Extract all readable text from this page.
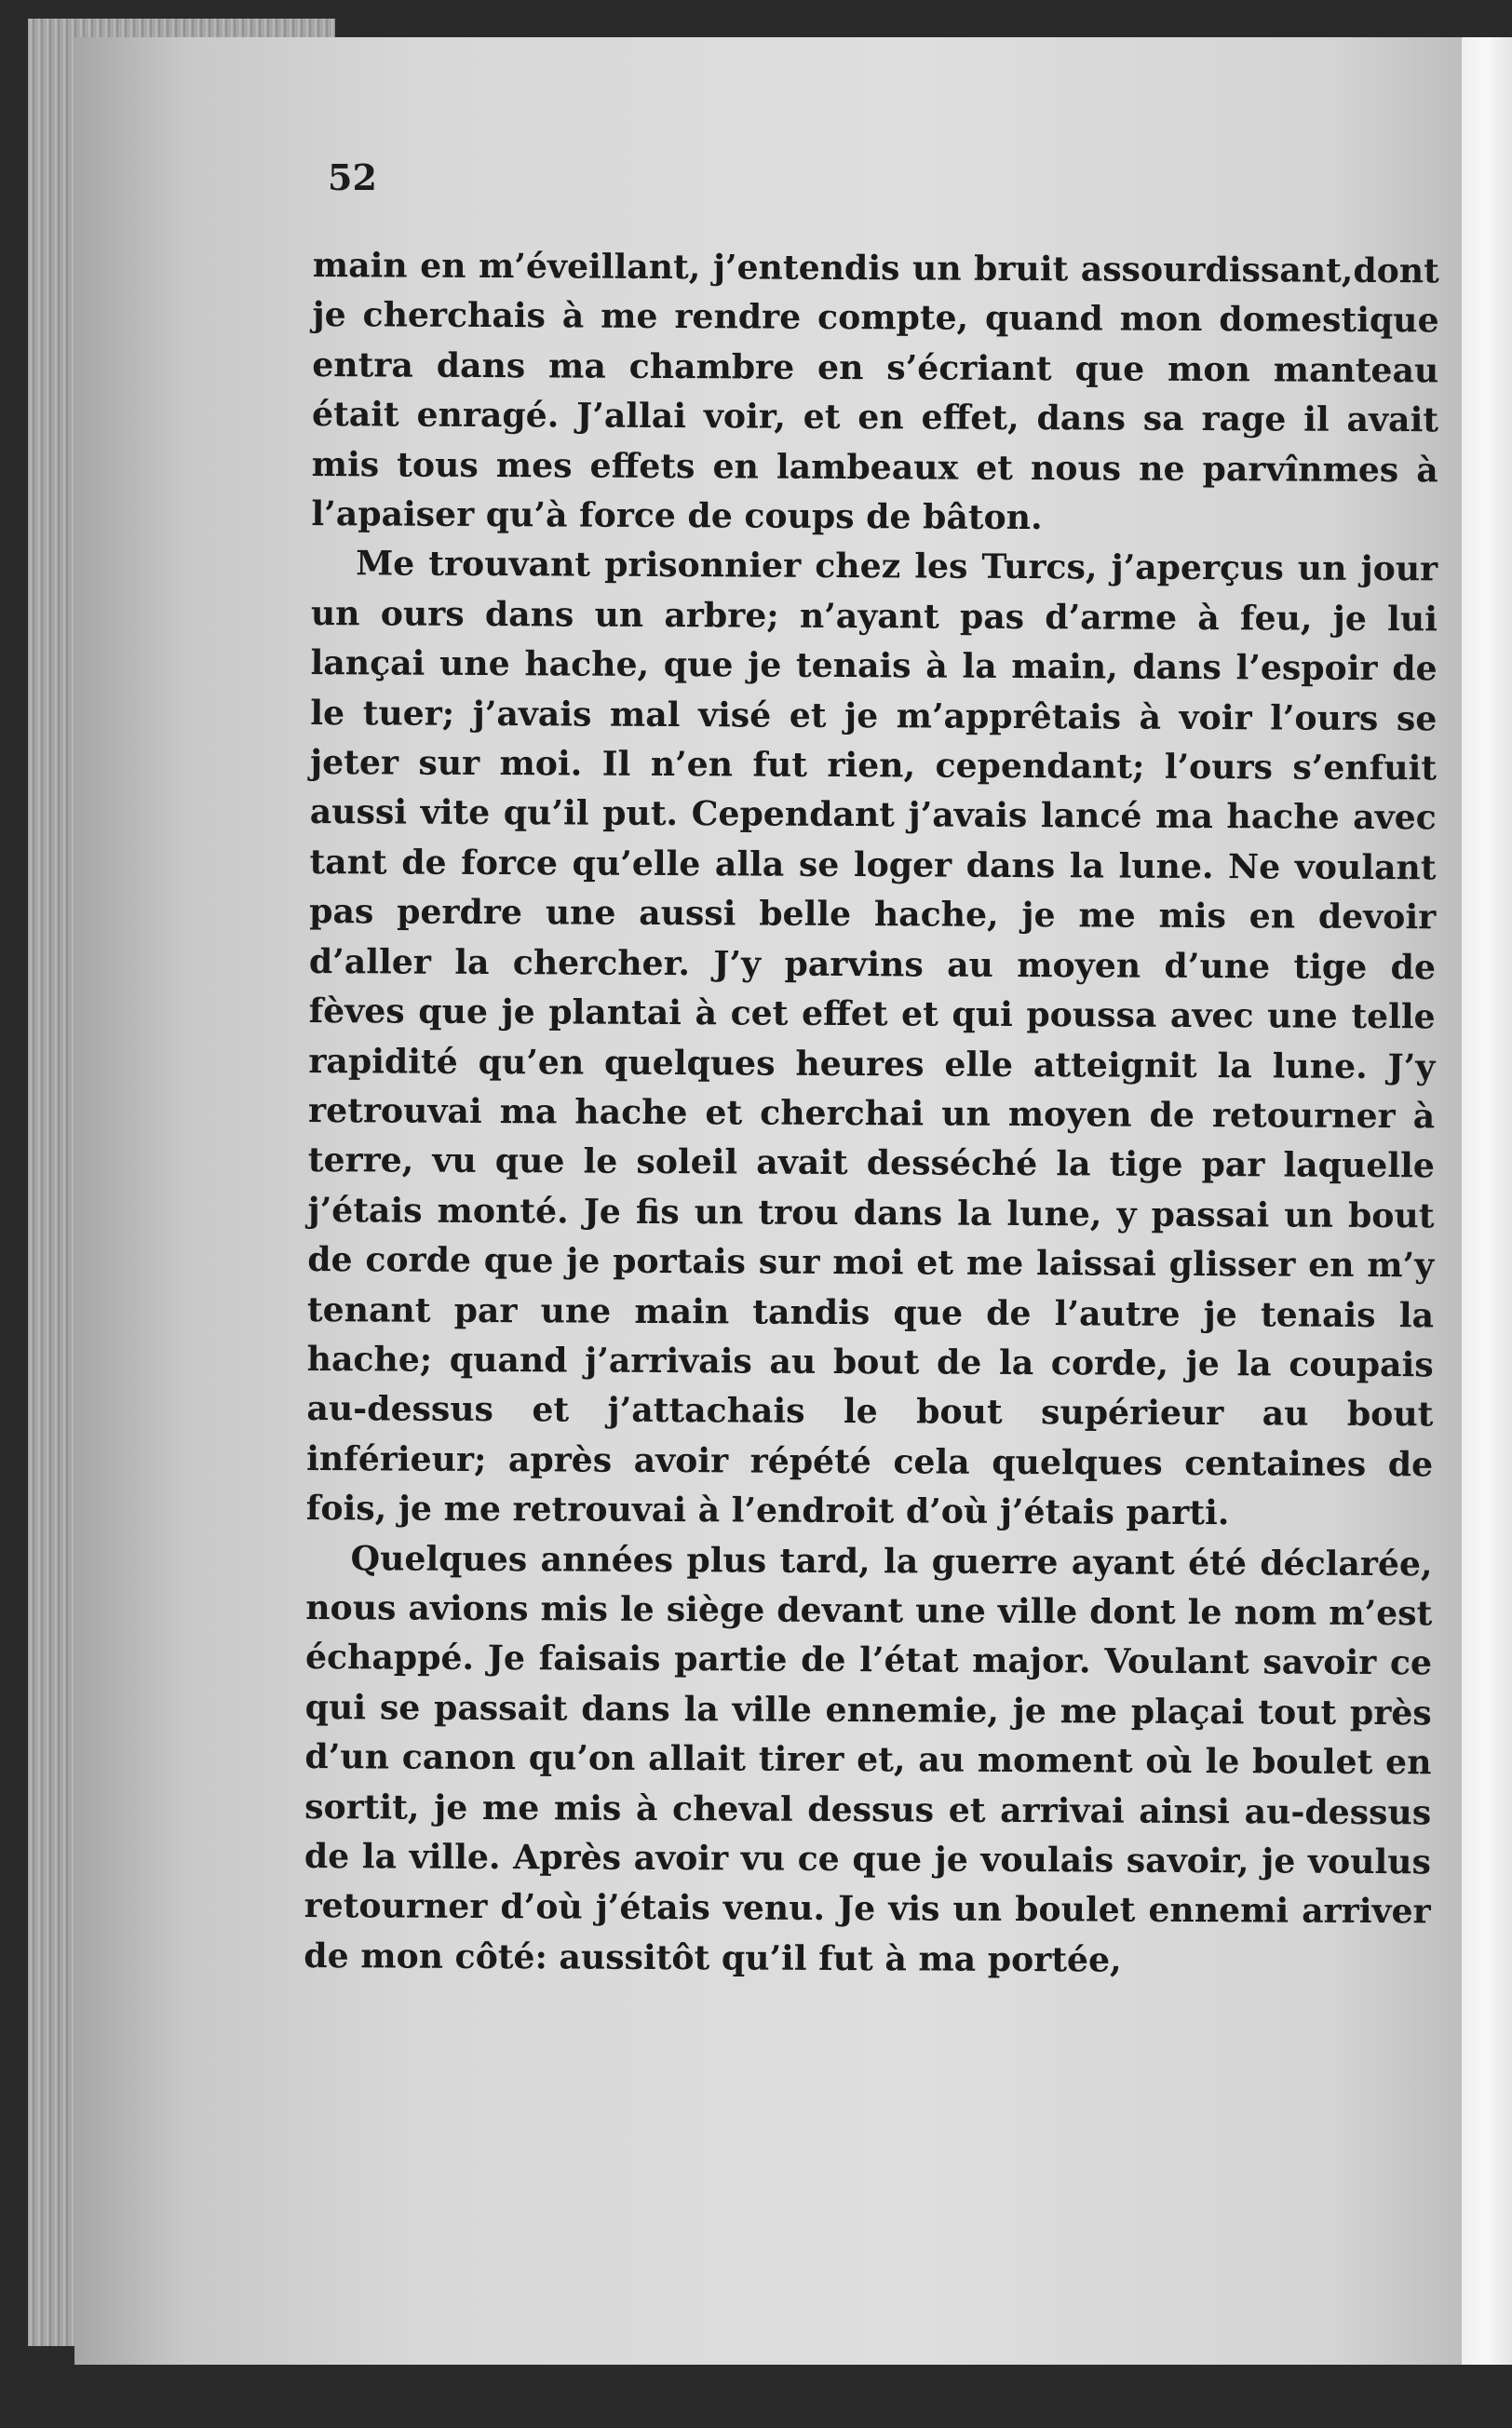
52

main en m’éveillant, j’entendis un bruit assourdissant,dont je cherchais à me rendre compte, quand mon domestique entra dans ma chambre en s’écriant que mon manteau était enragé. J’allai voir, et en effet, dans sa rage il avait mis tous mes effets en lambeaux et nous ne parvînmes à l’apaiser qu’à force de coups de bâton.

Me trouvant prisonnier chez les Turcs, j’aperçus un jour un ours dans un arbre; n’ayant pas d’arme à feu, je lui lançai une hache, que je tenais à la main, dans l’espoir de le tuer; j’avais mal visé et je m’apprêtais à voir l’ours se jeter sur moi. Il n’en fut rien, cependant; l’ours s’enfuit aussi vite qu’il put. Cependant j’avais lancé ma hache avec tant de force qu’elle alla se loger dans la lune. Ne voulant pas perdre une aussi belle hache, je me mis en devoir d’aller la chercher. J’y parvins au moyen d’une tige de fèves que je plantai à cet effet et qui poussa avec une telle rapidité qu’en quelques heures elle atteignit la lune. J’y retrouvai ma hache et cherchai un moyen de retourner à terre, vu que le soleil avait desséché la tige par laquelle j’étais monté. Je fis un trou dans la lune, y passai un bout de corde que je portais sur moi et me laissai glisser en m’y tenant par une main tandis que de l’autre je tenais la hache; quand j’arrivais au bout de la corde, je la coupais au-dessus et j’attachais le bout supérieur au bout inférieur; après avoir répété cela quelques centaines de fois, je me retrouvai à l’endroit d’où j’étais parti.

Quelques années plus tard, la guerre ayant été déclarée, nous avions mis le siège devant une ville dont le nom m’est échappé. Je faisais partie de l’état major. Voulant savoir ce qui se passait dans la ville ennemie, je me plaçai tout près d’un canon qu’on allait tirer et, au moment où le boulet en sortit, je me mis à cheval dessus et arrivai ainsi au-dessus de la ville. Après avoir vu ce que je voulais savoir, je voulus retourner d’où j’étais venu. Je vis un boulet ennemi arriver de mon côté: aussitôt qu’il fut à ma portée,
